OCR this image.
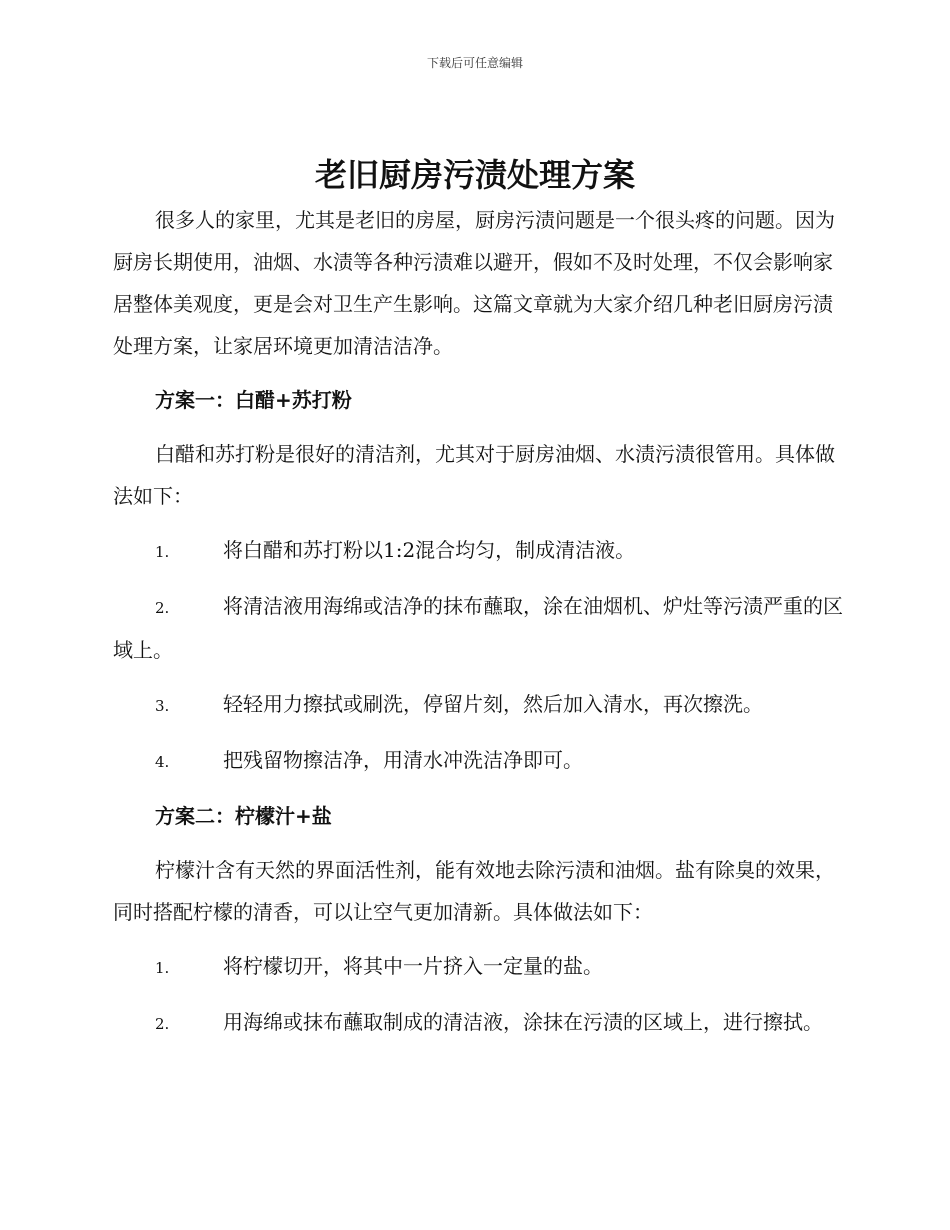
下载后可任意编辑
老旧厨房污渍处理方案

很多人的家里，尤其是老旧的房屋，厨房污渍问题是一个很头疼的问题。因为厨房长期使用，油烟、水渍等各种污渍难以避开，假如不及时处理，不仅会影响家居整体美观度，更是会对卫生产生影响。这篇文章就为大家介绍几种老旧厨房污渍处理方案，让家居环境更加清洁洁净。

方案一：白醋+苏打粉

白醋和苏打粉是很好的清洁剂，尤其对于厨房油烟、水渍污渍很管用。具体做法如下：

1.	将白醋和苏打粉以1:2混合均匀，制成清洁液。

2.	将清洁液用海绵或洁净的抹布蘸取，涂在油烟机、炉灶等污渍严重的区域上。

3.	轻轻用力擦拭或刷洗，停留片刻，然后加入清水，再次擦洗。

4.	把残留物擦洁净，用清水冲洗洁净即可。

方案二：柠檬汁+盐

柠檬汁含有天然的界面活性剂，能有效地去除污渍和油烟。盐有除臭的效果，同时搭配柠檬的清香，可以让空气更加清新。具体做法如下：

1.	将柠檬切开，将其中一片挤入一定量的盐。

2.	用海绵或抹布蘸取制成的清洁液，涂抹在污渍的区域上，进行擦拭。
